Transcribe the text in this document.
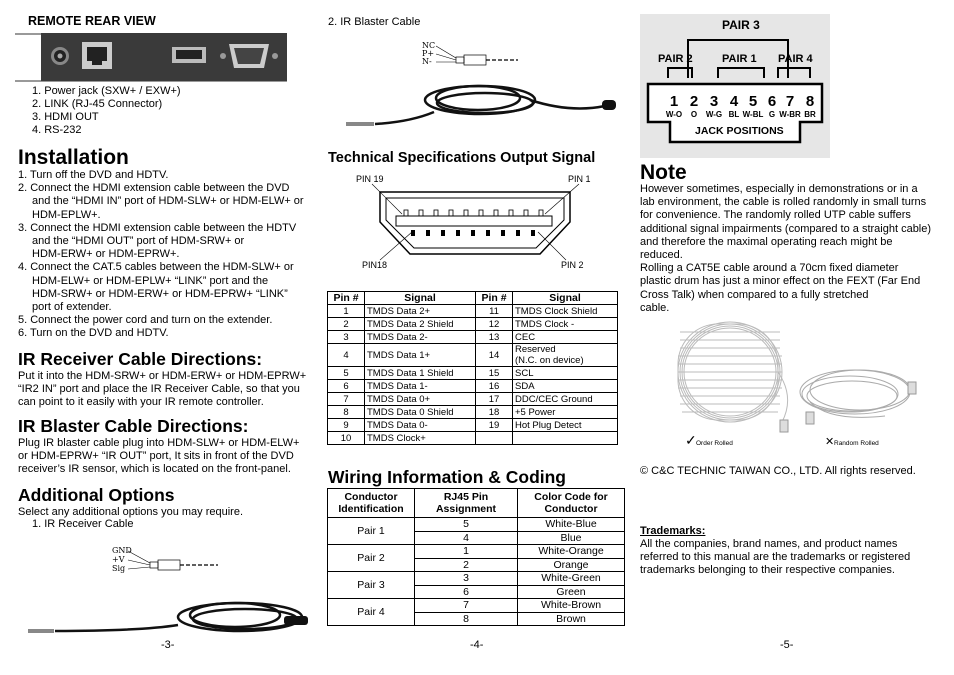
REMOTE REAR VIEW
1. Power jack (SXW+ / EXW+)
2. LINK (RJ-45 Connector)
3. HDMI OUT
4. RS-232
Installation
1. Turn off the DVD and HDTV.
2. Connect the HDMI extension cable between the DVD
and the “HDMI IN” port of HDM-SLW+ or HDM-ELW+ or
HDM-EPLW+.
3. Connect the HDMI extension cable between the HDTV
and the “HDMI OUT” port of HDM-SRW+ or
HDM-ERW+ or HDM-EPRW+.
4. Connect the CAT.5 cables between the HDM-SLW+ or
HDM-ELW+ or HDM-EPLW+ “LINK” port and the
HDM-SRW+ or HDM-ERW+ or HDM-EPRW+ “LINK”
port of extender.
5. Connect the power cord and turn on the extender.
6. Turn on the DVD and HDTV.
IR Receiver Cable Directions:
Put it into the HDM-SRW+ or HDM-ERW+ or HDM-EPRW+
“IR2 IN” port and place the IR Receiver Cable, so that you
can point to it easily with your IR remote controller.
IR Blaster Cable Directions:
Plug IR blaster cable plug into HDM-SLW+ or HDM-ELW+
or HDM-EPRW+ “IR OUT” port, It sits in front of the DVD
receiver’s IR sensor, which is located on the front-panel.
Additional Options
Select any additional options you may require.
1. IR Receiver Cable
GND
+V
Sig
-3-
2. IR Blaster Cable
NC
P+
N-
Technical Specifications Output Signal
PIN 19	PIN 1
PIN18	PIN 2
Pin #	Signal	Pin #	Signal
1	TMDS Data 2+	11	TMDS Clock Shield
2	TMDS Data 2 Shield	12	TMDS Clock -
3	TMDS Data 2-	13	CEC
4	TMDS Data 1+	14	Reserved
(N.C. on device)
5	TMDS Data 1 Shield	15	SCL
6	TMDS Data 1-	16	SDA
7	TMDS Data 0+	17	DDC/CEC Ground
8	TMDS Data 0 Shield	18	+5 Power
9	TMDS Data 0-	19	Hot Plug Detect
10	TMDS Clock+		
Wiring Information & Coding
Conductor
Identification	RJ45 Pin
Assignment	Color Code for
Conductor
Pair 1	5	White-Blue
	4	Blue
Pair 2	1	White-Orange
	2	Orange
Pair 3	3	White-Green
	6	Green
Pair 4	7	White-Brown
	8	Brown
-4-
PAIR 3
PAIR 2	PAIR 1 PAIR 4
1 2 3 4 5 6 7 8
W-O O W-G BL W-BL G W-BR BR
JACK POSITIONS
Note
However sometimes, especially in demonstrations or in a
lab environment, the cable is rolled randomly in small turns
for convenience. The randomly rolled UTP cable suffers
additional signal impairments (compared to a straight cable)
and therefore the maximal operating reach might be
reduced.
Rolling a CAT5E cable around a 70cm fixed diameter
plastic drum has just a minor effect on the FEXT (Far End
Cross Talk) when compared to a fully stretched
cable.
✓ Order Rolled	✕ Random Rolled
© C&C TECHNIC TAIWAN CO., LTD. All rights reserved.
Trademarks:
All the companies, brand names, and product names
referred to this manual are the trademarks or registered
trademarks belonging to their respective companies.
-5-
